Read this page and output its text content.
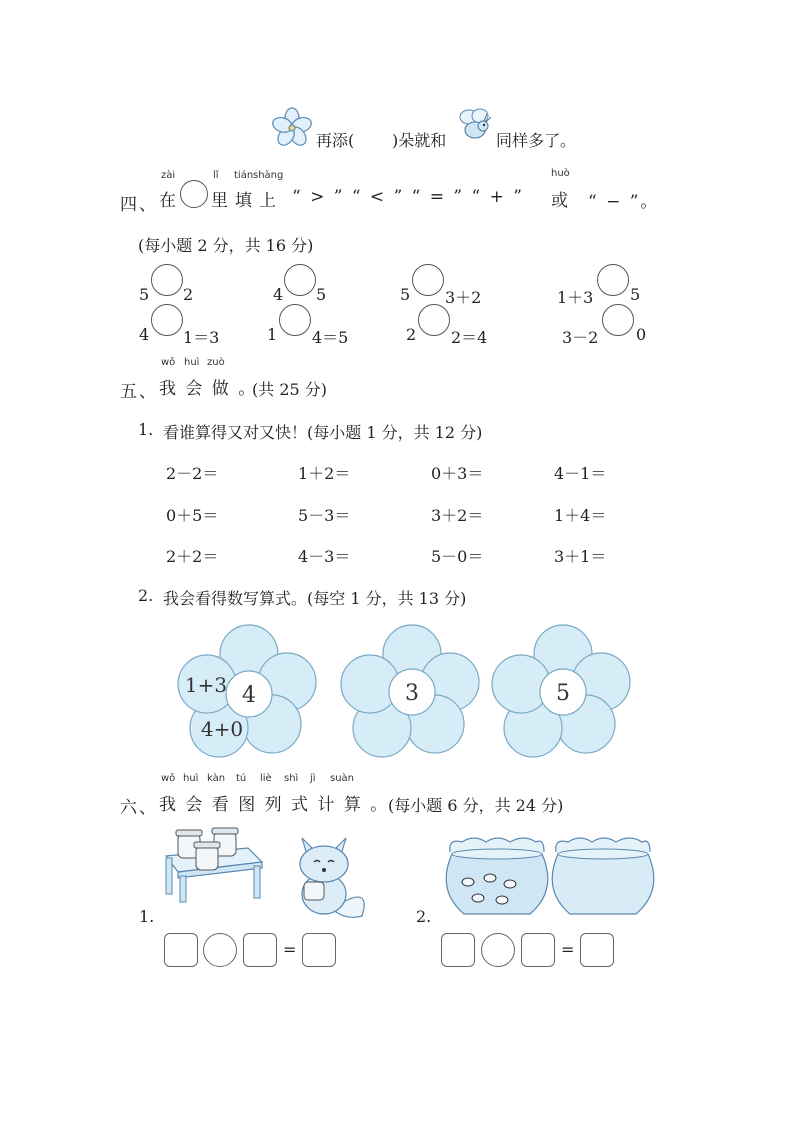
再添( )朵就和	同样多了。
zài	lǐ tián shàng	huò
四、 在 里 填 上 “ > ” “ < ” “ = ” “ + ” 或 “ − ”。
(每小题 2 分，共 16 分)
5 2	4 5	5 3＋2	1＋3 5
4 1＝3	1 4＝5	2 2＝4	3－2 0
wǒ huì zuò
五、 我 会 做 。
(共 25 分)
1. 看谁算得又对又快！(每小题 1 分，共 12 分)
2－2＝	1＋2＝	0＋3＝	4－1＝
0＋5＝	5－3＝	3＋2＝	1＋4＝
2＋2＝	4－3＝	5－0＝	3＋1＝
2. 我会看得数写算式。(每空 1 分，共 13 分)
4
1+3
4+0
3	5
wǒ huì kàn tú liè shì jì suàn
六、 我 会 看 图 列 式 计 算 。
(每小题 6 分，共 24 分)
1.
=
2.
=
